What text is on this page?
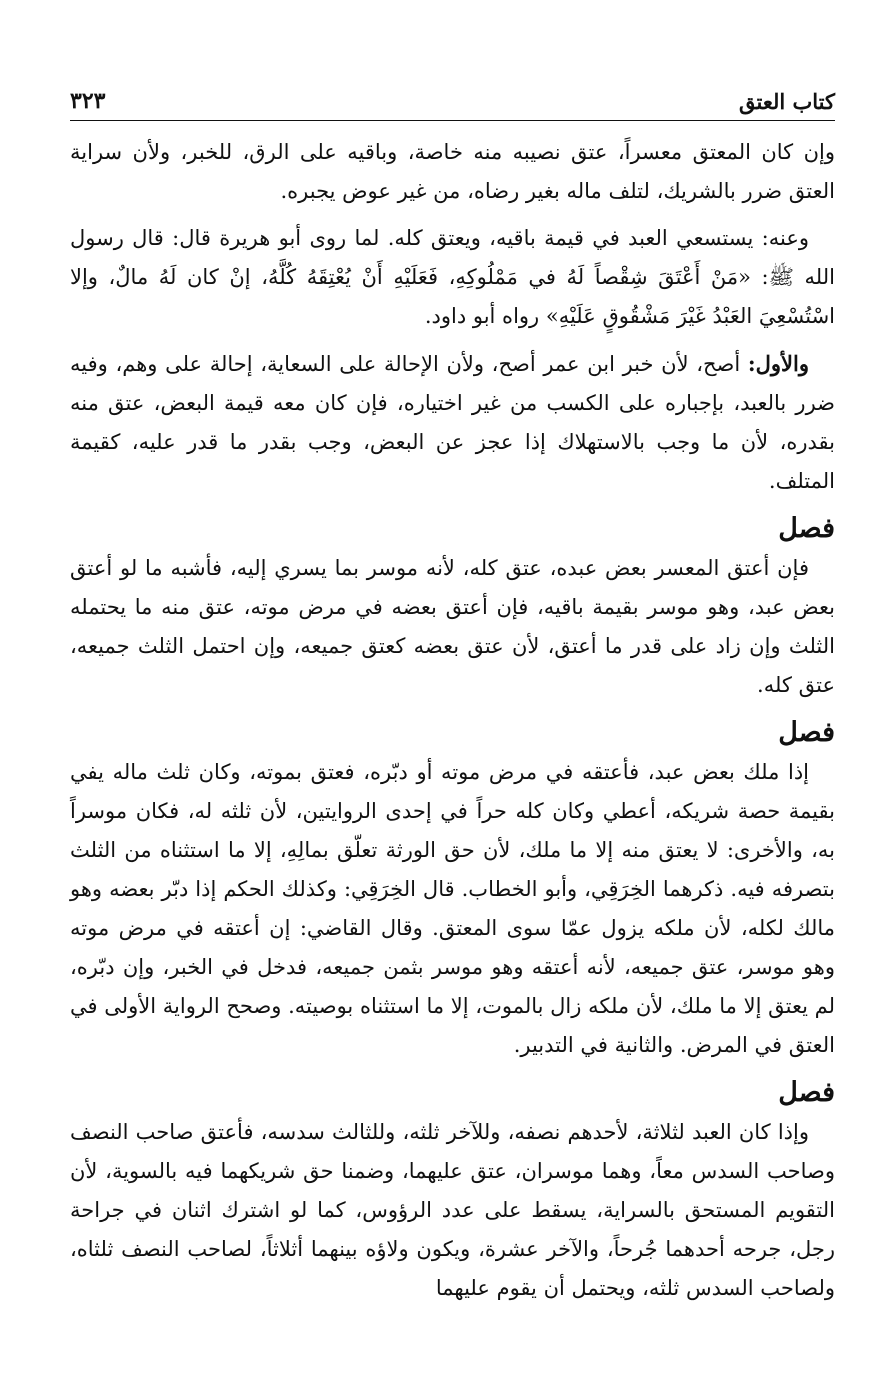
كتاب العتق
٣٢٣

وإن كان المعتق معسراً، عتق نصيبه منه خاصة، وباقيه على الرق، للخبر، ولأن سراية العتق ضرر بالشريك، لتلف ماله بغير رضاه، من غير عوض يجبره.

وعنه: يستسعي العبد في قيمة باقيه، ويعتق كله. لما روى أبو هريرة قال: قال رسول الله ﷺ: «مَنْ أَعْتَقَ شِقْصاً لَهُ في مَمْلُوكِهِ، فَعَلَيْهِ أَنْ يُعْتِقَهُ كُلَّهُ، إنْ كان لَهُ مالٌ، وإلا اسْتُسْعِيَ العَبْدُ غَيْرَ مَشْقُوقٍ عَلَيْهِ» رواه أبو داود.

والأول: أصح، لأن خبر ابن عمر أصح، ولأن الإحالة على السعاية، إحالة على وهم، وفيه ضرر بالعبد، بإجباره على الكسب من غير اختياره، فإن كان معه قيمة البعض، عتق منه بقدره، لأن ما وجب بالاستهلاك إذا عجز عن البعض، وجب بقدر ما قدر عليه، كقيمة المتلف.

فصل

فإن أعتق المعسر بعض عبده، عتق كله، لأنه موسر بما يسري إليه، فأشبه ما لو أعتق بعض عبد، وهو موسر بقيمة باقيه، فإن أعتق بعضه في مرض موته، عتق منه ما يحتمله الثلث وإن زاد على قدر ما أعتق، لأن عتق بعضه كعتق جميعه، وإن احتمل الثلث جميعه، عتق كله.

فصل

إذا ملك بعض عبد، فأعتقه في مرض موته أو دبّره، فعتق بموته، وكان ثلث ماله يفي بقيمة حصة شريكه، أعطي وكان كله حراً في إحدى الروايتين، لأن ثلثه له، فكان موسراً به، والأخرى: لا يعتق منه إلا ما ملك، لأن حق الورثة تعلّق بمالِهِ، إلا ما استثناه من الثلث بتصرفه فيه. ذكرهما الخِرَقِي، وأبو الخطاب. قال الخِرَقِي: وكذلك الحكم إذا دبّر بعضه وهو مالك لكله، لأن ملكه يزول عمّا سوى المعتق. وقال القاضي: إن أعتقه في مرض موته وهو موسر، عتق جميعه، لأنه أعتقه وهو موسر بثمن جميعه، فدخل في الخبر، وإن دبّره، لم يعتق إلا ما ملك، لأن ملكه زال بالموت، إلا ما استثناه بوصيته. وصحح الرواية الأولى في العتق في المرض. والثانية في التدبير.

فصل

وإذا كان العبد لثلاثة، لأحدهم نصفه، وللآخر ثلثه، وللثالث سدسه، فأعتق صاحب النصف وصاحب السدس معاً، وهما موسران، عتق عليهما، وضمنا حق شريكهما فيه بالسوية، لأن التقويم المستحق بالسراية، يسقط على عدد الرؤوس، كما لو اشترك اثنان في جراحة رجل، جرحه أحدهما جُرحاً، والآخر عشرة، ويكون ولاؤه بينهما أثلاثاً، لصاحب النصف ثلثاه، ولصاحب السدس ثلثه، ويحتمل أن يقوم عليهما
